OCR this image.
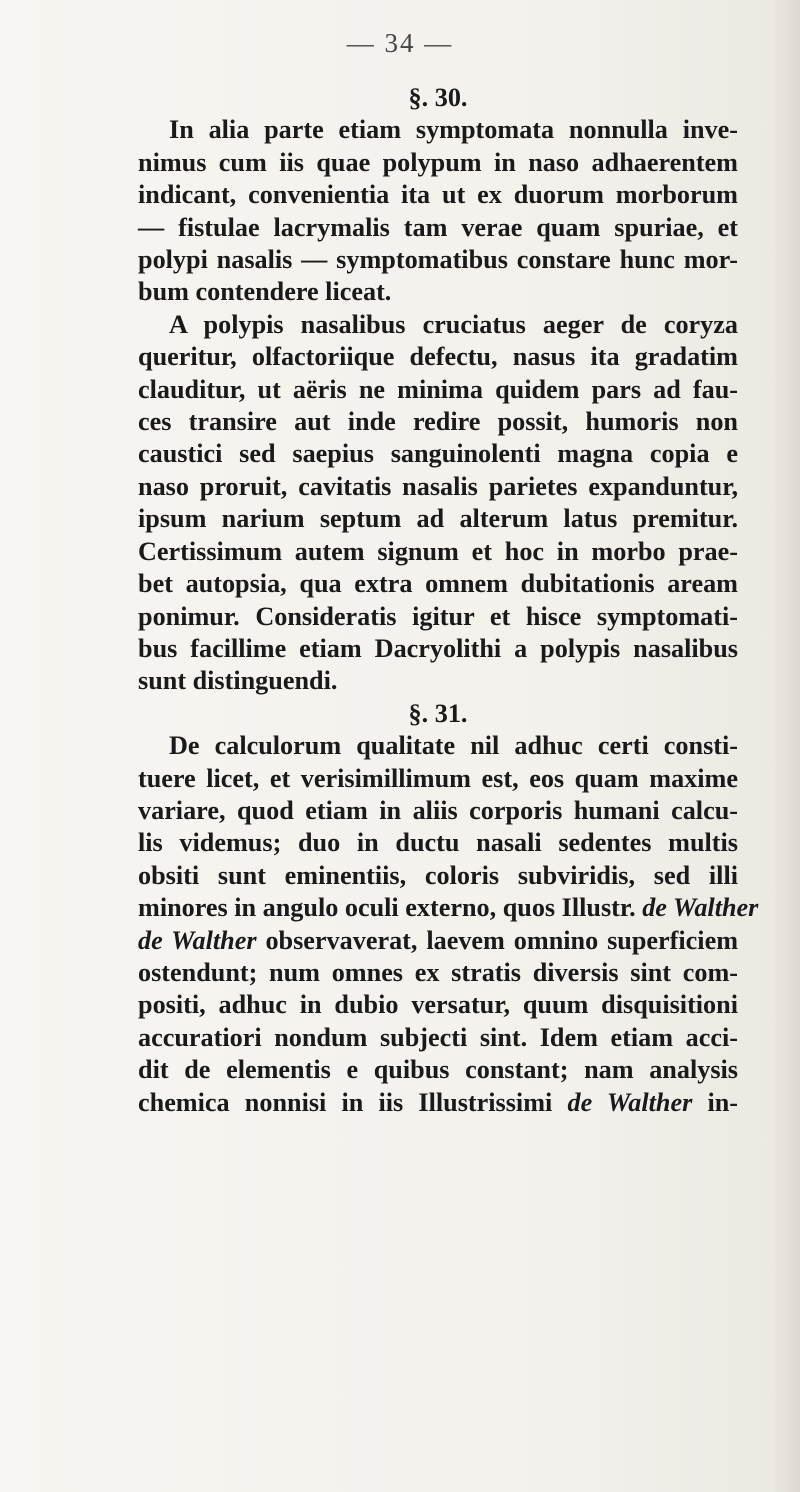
— 34 —
§. 30.
In alia parte etiam symptomata nonnulla inve-
nimus cum iis quae polypum in naso adhaerentem
indicant, convenientia ita ut ex duorum morborum
— fistulae lacrymalis tam verae quam spuriae, et
polypi nasalis — symptomatibus constare hunc mor-
bum contendere liceat.
A polypis nasalibus cruciatus aeger de coryza
queritur, olfactoriique defectu, nasus ita gradatim
clauditur, ut aëris ne minima quidem pars ad fau-
ces transire aut inde redire possit, humoris non
caustici sed saepius sanguinolenti magna copia e
naso proruit, cavitatis nasalis parietes expanduntur,
ipsum narium septum ad alterum latus premitur.
Certissimum autem signum et hoc in morbo prae-
bet autopsia, qua extra omnem dubitationis aream
ponimur. Consideratis igitur et hisce symptomati-
bus facillime etiam Dacryolithi a polypis nasalibus
sunt distinguendi.
§. 31.
De calculorum qualitate nil adhuc certi consti-
tuere licet, et verisimillimum est, eos quam maxime
variare, quod etiam in aliis corporis humani calcu-
lis videmus; duo in ductu nasali sedentes multis
obsiti sunt eminentiis, coloris subviridis, sed illi
minores in angulo oculi externo, quos Illustr. de Walther
de Walther observaverat, laevem omnino superficiem
ostendunt; num omnes ex stratis diversis sint com-
positi, adhuc in dubio versatur, quum disquisitioni
accuratiori nondum subjecti sint. Idem etiam acci-
dit de elementis e quibus constant; nam analysis
chemica nonnisi in iis Illustrissimi de Walther in-
